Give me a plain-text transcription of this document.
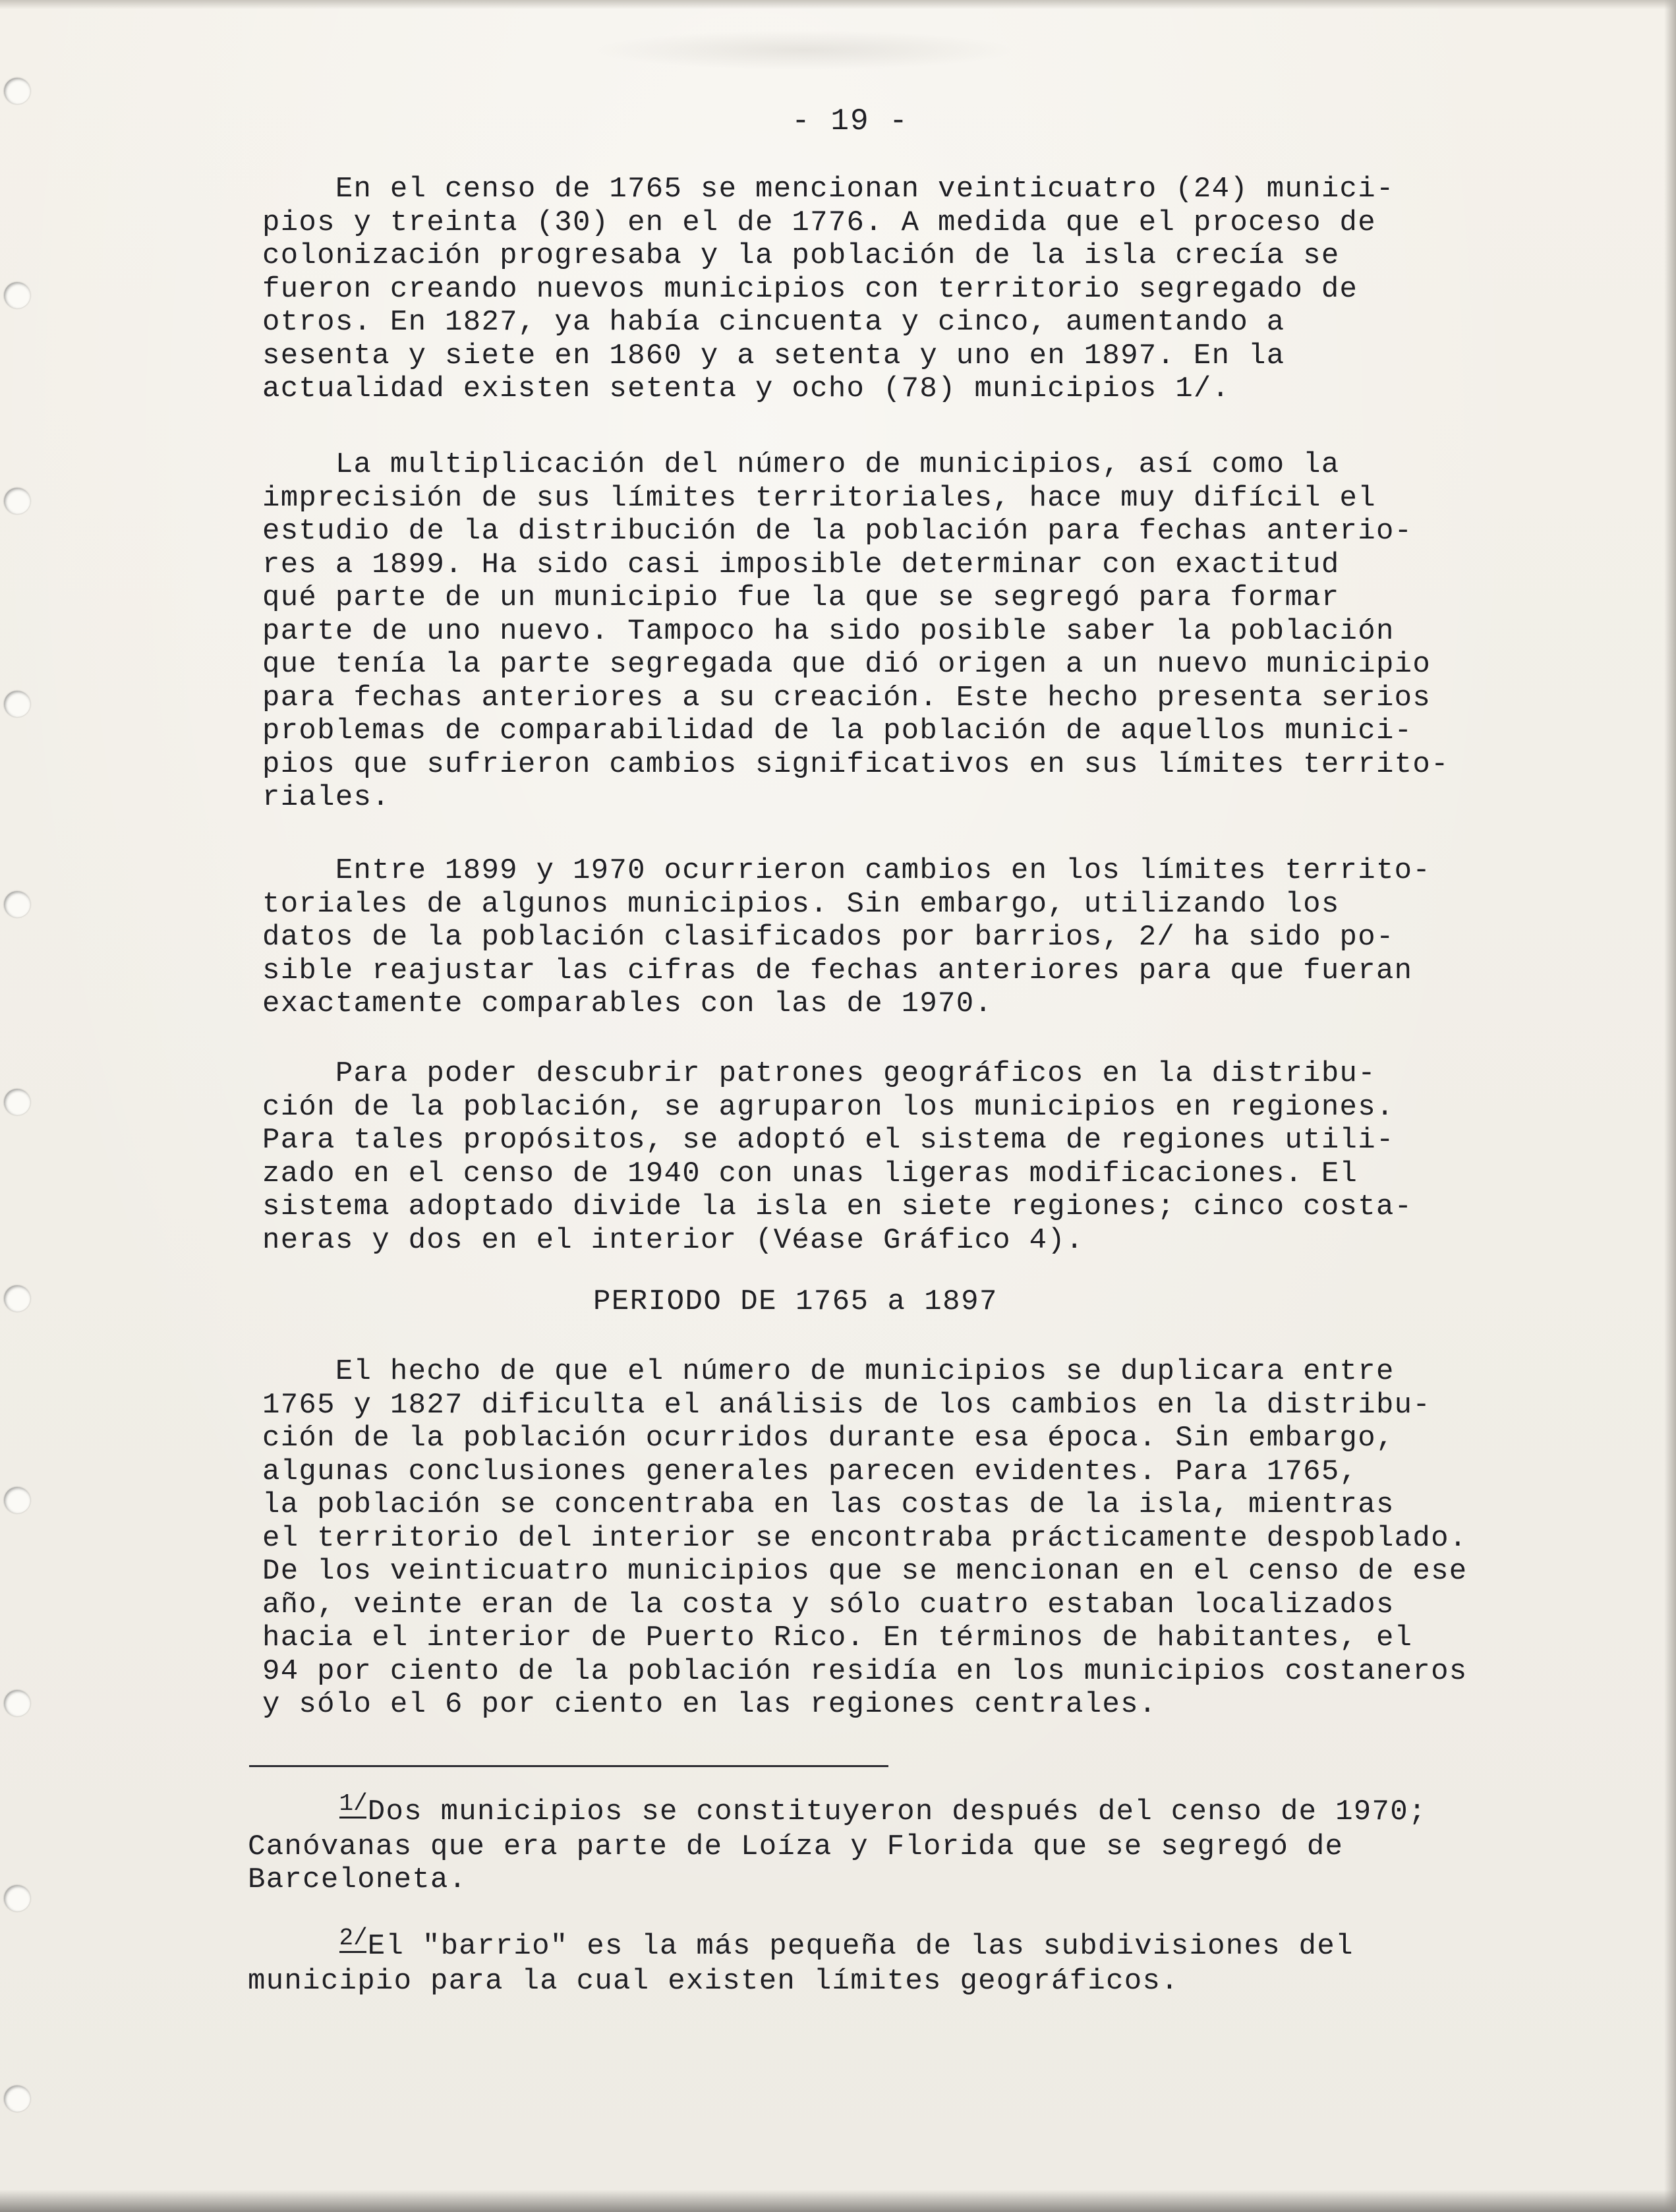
- 19 -
En el censo de 1765 se mencionan veinticuatro (24) munici-
pios y treinta (30) en el de 1776. A medida que el proceso de
colonización progresaba y la población de la isla crecía se
fueron creando nuevos municipios con territorio segregado de
otros. En 1827, ya había cincuenta y cinco, aumentando a
sesenta y siete en 1860 y a setenta y uno en 1897. En la
actualidad existen setenta y ocho (78) municipios 1/.
La multiplicación del número de municipios, así como la
imprecisión de sus límites territoriales, hace muy difícil el
estudio de la distribución de la población para fechas anterio-
res a 1899. Ha sido casi imposible determinar con exactitud
qué parte de un municipio fue la que se segregó para formar
parte de uno nuevo. Tampoco ha sido posible saber la población
que tenía la parte segregada que dió origen a un nuevo municipio
para fechas anteriores a su creación. Este hecho presenta serios
problemas de comparabilidad de la población de aquellos munici-
pios que sufrieron cambios significativos en sus límites territo-
riales.
Entre 1899 y 1970 ocurrieron cambios en los límites territo-
toriales de algunos municipios. Sin embargo, utilizando los
datos de la población clasificados por barrios, 2/ ha sido po-
sible reajustar las cifras de fechas anteriores para que fueran
exactamente comparables con las de 1970.
Para poder descubrir patrones geográficos en la distribu-
ción de la población, se agruparon los municipios en regiones.
Para tales propósitos, se adoptó el sistema de regiones utili-
zado en el censo de 1940 con unas ligeras modificaciones. El
sistema adoptado divide la isla en siete regiones; cinco costa-
neras y dos en el interior (Véase Gráfico 4).
PERIODO DE 1765 a 1897
El hecho de que el número de municipios se duplicara entre
1765 y 1827 dificulta el análisis de los cambios en la distribu-
ción de la población ocurridos durante esa época. Sin embargo,
algunas conclusiones generales parecen evidentes. Para 1765,
la población se concentraba en las costas de la isla, mientras
el territorio del interior se encontraba prácticamente despoblado.
De los veinticuatro municipios que se mencionan en el censo de ese
año, veinte eran de la costa y sólo cuatro estaban localizados
hacia el interior de Puerto Rico. En términos de habitantes, el
94 por ciento de la población residía en los municipios costaneros
y sólo el 6 por ciento en las regiones centrales.
1/Dos municipios se constituyeron después del censo de 1970;
Canóvanas que era parte de Loíza y Florida que se segregó de
Barceloneta.
2/El "barrio" es la más pequeña de las subdivisiones del
municipio para la cual existen límites geográficos.
